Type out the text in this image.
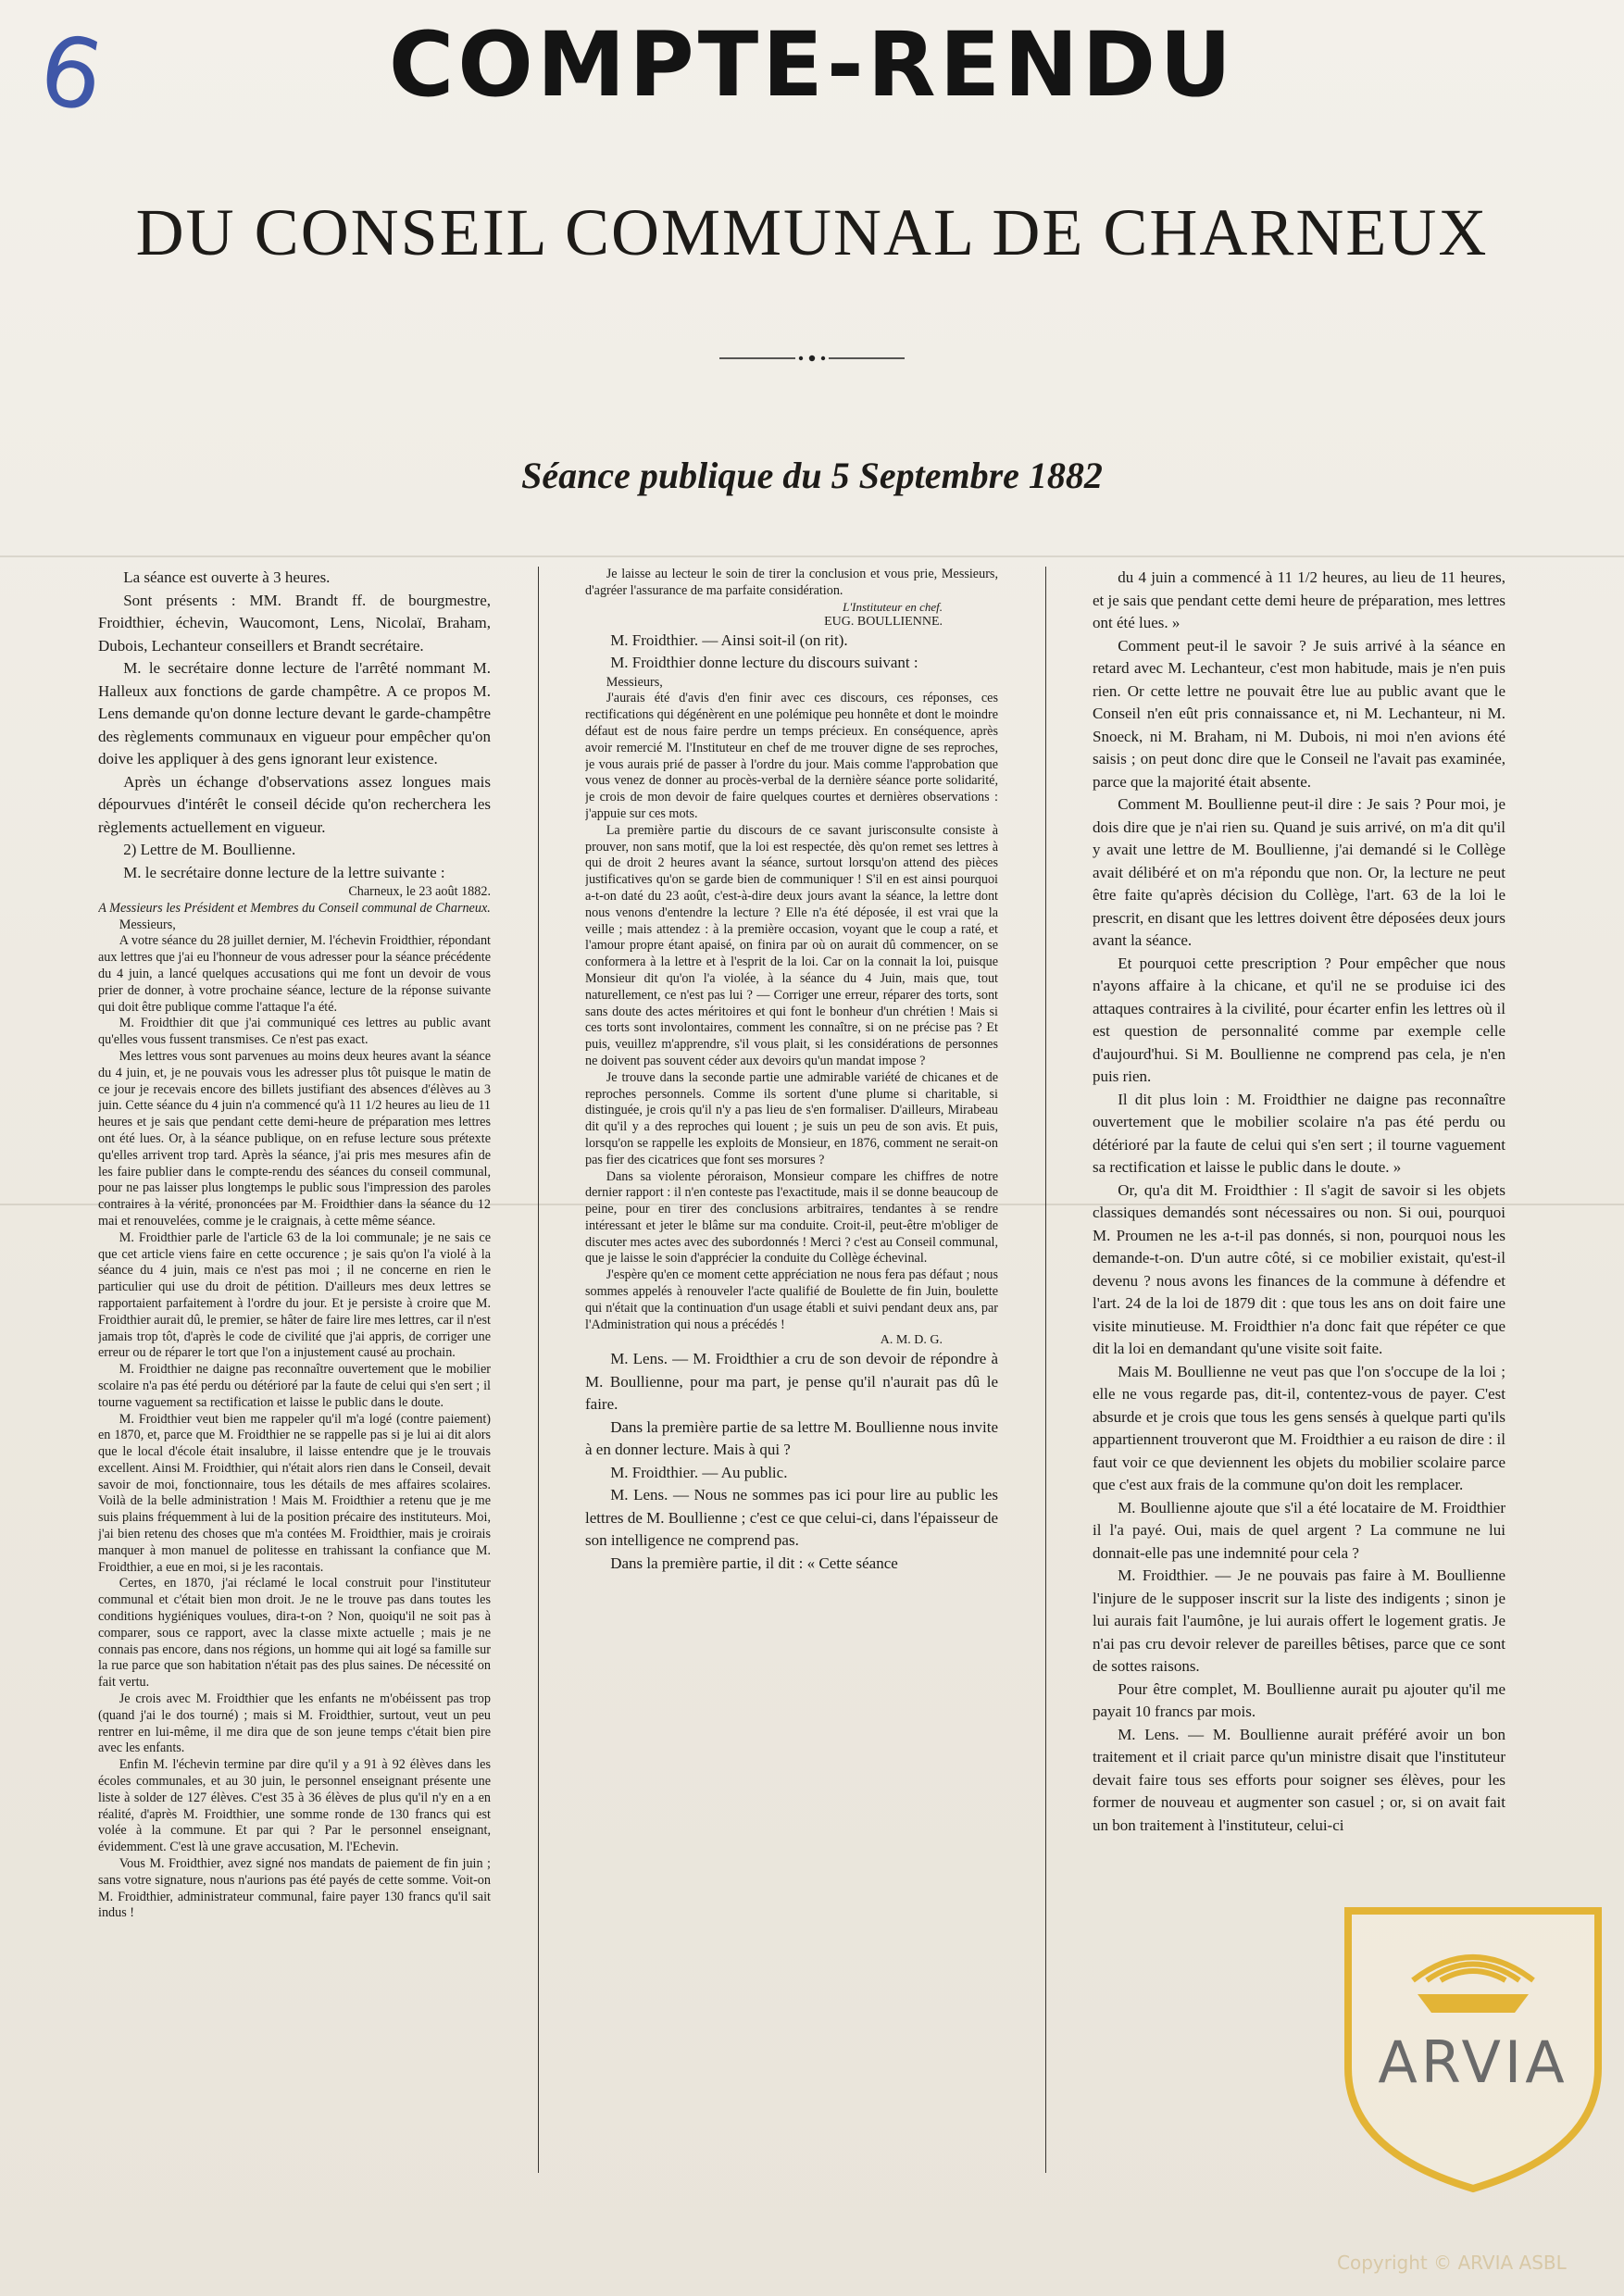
6	COMPTE-RENDU
DU CONSEIL COMMUNAL DE CHARNEUX
Séance publique du 5 Septembre 1882

La séance est ouverte à 3 heures.

Sont présents : MM. Brandt ff. de bourgmestre, Froidthier, échevin, Waucomont, Lens, Nicolaï, Braham, Dubois, Lechanteur conseillers et Brandt secrétaire.

M. le secrétaire donne lecture de l'arrêté nommant M. Halleux aux fonctions de garde champêtre. A ce propos M. Lens demande qu'on donne lecture devant le garde-champêtre des règlements communaux en vigueur pour empêcher qu'on doive les appliquer à des gens ignorant leur existence.

Après un échange d'observations assez longues mais dépourvues d'intérêt le conseil décide qu'on recherchera les règlements actuellement en vigueur.

2) Lettre de M. Boullienne.

M. le secrétaire donne lecture de la lettre suivante :

Charneux, le 23 août 1882.

A Messieurs les Président et Membres du Conseil communal de Charneux.

Messieurs,

A votre séance du 28 juillet dernier, M. l'échevin Froidthier, répondant aux lettres que j'ai eu l'honneur de vous adresser pour la séance précédente du 4 juin, a lancé quelques accusations qui me font un devoir de vous prier de donner, à votre prochaine séance, lecture de la réponse suivante qui doit être publique comme l'attaque l'a été.

M. Froidthier dit que j'ai communiqué ces lettres au public avant qu'elles vous fussent transmises. Ce n'est pas exact.

Mes lettres vous sont parvenues au moins deux heures avant la séance du 4 juin, et, je ne pouvais vous les adresser plus tôt puisque le matin de ce jour je recevais encore des billets justifiant des absences d'élèves au 3 juin. Cette séance du 4 juin n'a commencé qu'à 11 1/2 heures au lieu de 11 heures et je sais que pendant cette demi-heure de préparation mes lettres ont été lues. Or, à la séance publique, on en refuse lecture sous prétexte qu'elles arrivent trop tard. Après la séance, j'ai pris mes mesures afin de les faire publier dans le compte-rendu des séances du conseil communal, pour ne pas laisser plus longtemps le public sous l'impression des paroles contraires à la vérité, prononcées par M. Froidthier dans la séance du 12 mai et renouvelées, comme je le craignais, à cette même séance.

M. Froidthier parle de l'article 63 de la loi communale; je ne sais ce que cet article viens faire en cette occurence ; je sais qu'on l'a violé à la séance du 4 juin, mais ce n'est pas moi ; il ne concerne en rien le particulier qui use du droit de pétition. D'ailleurs mes deux lettres se rapportaient parfaitement à l'ordre du jour. Et je persiste à croire que M. Froidthier aurait dû, le premier, se hâter de faire lire mes lettres, car il n'est jamais trop tôt, d'après le code de civilité que j'ai appris, de corriger une erreur ou de réparer le tort que l'on a injustement causé au prochain.

M. Froidthier ne daigne pas reconnaître ouvertement que le mobilier scolaire n'a pas été perdu ou détérioré par la faute de celui qui s'en sert ; il tourne vaguement sa rectification et laisse le public dans le doute.

M. Froidthier veut bien me rappeler qu'il m'a logé (contre paiement) en 1870, et, parce que M. Froidthier ne se rappelle pas si je lui ai dit alors que le local d'école était insalubre, il laisse entendre que je le trouvais excellent. Ainsi M. Froidthier, qui n'était alors rien dans le Conseil, devait savoir de moi, fonctionnaire, tous les détails de mes affaires scolaires. Voilà de la belle administration ! Mais M. Froidthier a retenu que je me suis plains fréquemment à lui de la position précaire des instituteurs. Moi, j'ai bien retenu des choses que m'a contées M. Froidthier, mais je croirais manquer à mon manuel de politesse en trahissant la confiance que M. Froidthier, a eue en moi, si je les racontais.

Certes, en 1870, j'ai réclamé le local construit pour l'instituteur communal et c'était bien mon droit. Je ne le trouve pas dans toutes les conditions hygiéniques voulues, dira-t-on ? Non, quoiqu'il ne soit pas à comparer, sous ce rapport, avec la classe mixte actuelle ; mais je ne connais pas encore, dans nos régions, un homme qui ait logé sa famille sur la rue parce que son habitation n'était pas des plus saines. De nécessité on fait vertu.

Je crois avec M. Froidthier que les enfants ne m'obéissent pas trop (quand j'ai le dos tourné) ; mais si M. Froidthier, surtout, veut un peu rentrer en lui-même, il me dira que de son jeune temps c'était bien pire avec les enfants.

Enfin M. l'échevin termine par dire qu'il y a 91 à 92 élèves dans les écoles communales, et au 30 juin, le personnel enseignant présente une liste à solder de 127 élèves. C'est 35 à 36 élèves de plus qu'il n'y en a en réalité, d'après M. Froidthier, une somme ronde de 130 francs qui est volée à la commune. Et par qui ? Par le personnel enseignant, évidemment. C'est là une grave accusation, M. l'Echevin.

Vous M. Froidthier, avez signé nos mandats de paiement de fin juin ; sans votre signature, nous n'aurions pas été payés de cette somme. Voit-on M. Froidthier, administrateur communal, faire payer 130 francs qu'il sait indus !

Je laisse au lecteur le soin de tirer la conclusion et vous prie, Messieurs, d'agréer l'assurance de ma parfaite considération.

L'Instituteur en chef.

EUG. BOULLIENNE.

M. Froidthier. — Ainsi soit-il (on rit).

M. Froidthier donne lecture du discours suivant :

Messieurs,

J'aurais été d'avis d'en finir avec ces discours, ces réponses, ces rectifications qui dégénèrent en une polémique peu honnête et dont le moindre défaut est de nous faire perdre un temps précieux. En conséquence, après avoir remercié M. l'Instituteur en chef de me trouver digne de ses reproches, je vous aurais prié de passer à l'ordre du jour. Mais comme l'approbation que vous venez de donner au procès-verbal de la dernière séance porte solidarité, je crois de mon devoir de faire quelques courtes et dernières observations : j'appuie sur ces mots.

La première partie du discours de ce savant jurisconsulte consiste à prouver, non sans motif, que la loi est respectée, dès qu'on remet ses lettres à qui de droit 2 heures avant la séance, surtout lorsqu'on attend des pièces justificatives qu'on se garde bien de communiquer ! S'il en est ainsi pourquoi a-t-on daté du 23 août, c'est-à-dire deux jours avant la séance, la lettre dont nous venons d'entendre la lecture ? Elle n'a été déposée, il est vrai que la veille ; mais attendez : à la première occasion, voyant que le coup a raté, et l'amour propre étant apaisé, on finira par où on aurait dû commencer, on se conformera à la lettre et à l'esprit de la loi. Car on la connait la loi, puisque Monsieur dit qu'on l'a violée, à la séance du 4 Juin, mais que, tout naturellement, ce n'est pas lui ? — Corriger une erreur, réparer des torts, sont sans doute des actes méritoires et qui font le bonheur d'un chrétien ! Mais si ces torts sont involontaires, comment les connaître, si on ne précise pas ? Et puis, veuillez m'apprendre, s'il vous plait, si les considérations de personnes ne doivent pas souvent céder aux devoirs qu'un mandat impose ?

Je trouve dans la seconde partie une admirable variété de chicanes et de reproches personnels. Comme ils sortent d'une plume si charitable, si distinguée, je crois qu'il n'y a pas lieu de s'en formaliser. D'ailleurs, Mirabeau dit qu'il y a des reproches qui louent ; je suis un peu de son avis. Et puis, lorsqu'on se rappelle les exploits de Monsieur, en 1876, comment ne serait-on pas fier des cicatrices que font ses morsures ?

Dans sa violente péroraison, Monsieur compare les chiffres de notre dernier rapport : il n'en conteste pas l'exactitude, mais il se donne beaucoup de peine, pour en tirer des conclusions arbitraires, tendantes à se rendre intéressant et jeter le blâme sur ma conduite. Croit-il, peut-être m'obliger de discuter mes actes avec des subordonnés ! Merci ? c'est au Conseil communal, que je laisse le soin d'apprécier la conduite du Collège échevinal.

J'espère qu'en ce moment cette appréciation ne nous fera pas défaut ; nous sommes appelés à renouveler l'acte qualifié de Boulette de fin Juin, boulette qui n'était que la continuation d'un usage établi et suivi pendant deux ans, par l'Administration qui nous a précédés !

A. M. D. G.

M. Lens. — M. Froidthier a cru de son devoir de répondre à M. Boullienne, pour ma part, je pense qu'il n'aurait pas dû le faire.

Dans la première partie de sa lettre M. Boullienne nous invite à en donner lecture. Mais à qui ?

M. Froidthier. — Au public.

M. Lens. — Nous ne sommes pas ici pour lire au public les lettres de M. Boullienne ; c'est ce que celui-ci, dans l'épaisseur de son intelligence ne comprend pas.

Dans la première partie, il dit : « Cette séance

du 4 juin a commencé à 11 1/2 heures, au lieu de 11 heures, et je sais que pendant cette demi heure de préparation, mes lettres ont été lues. »

Comment peut-il le savoir ? Je suis arrivé à la séance en retard avec M. Lechanteur, c'est mon habitude, mais je n'en puis rien. Or cette lettre ne pouvait être lue au public avant que le Conseil n'en eût pris connaissance et, ni M. Lechanteur, ni M. Snoeck, ni M. Braham, ni M. Dubois, ni moi n'en avions été saisis ; on peut donc dire que le Conseil ne l'avait pas examinée, parce que la majorité était absente.

Comment M. Boullienne peut-il dire : Je sais ? Pour moi, je dois dire que je n'ai rien su. Quand je suis arrivé, on m'a dit qu'il y avait une lettre de M. Boullienne, j'ai demandé si le Collège avait délibéré et on m'a répondu que non. Or, la lecture ne peut être faite qu'après décision du Collège, l'art. 63 de la loi le prescrit, en disant que les lettres doivent être déposées deux jours avant la séance.

Et pourquoi cette prescription ? Pour empêcher que nous n'ayons affaire à la chicane, et qu'il ne se produise ici des attaques contraires à la civilité, pour écarter enfin les lettres où il est question de personnalité comme par exemple celle d'aujourd'hui. Si M. Boullienne ne comprend pas cela, je n'en puis rien.

Il dit plus loin : M. Froidthier ne daigne pas reconnaître ouvertement que le mobilier scolaire n'a pas été perdu ou détérioré par la faute de celui qui s'en sert ; il tourne vaguement sa rectification et laisse le public dans le doute. »

Or, qu'a dit M. Froidthier : Il s'agit de savoir si les objets classiques demandés sont nécessaires ou non. Si oui, pourquoi M. Proumen ne les a-t-il pas donnés, si non, pourquoi nous les demande-t-on. D'un autre côté, si ce mobilier existait, qu'est-il devenu ? nous avons les finances de la commune à défendre et l'art. 24 de la loi de 1879 dit : que tous les ans on doit faire une visite minutieuse. M. Froidthier n'a donc fait que répéter ce que dit la loi en demandant qu'une visite soit faite.

Mais M. Boullienne ne veut pas que l'on s'occupe de la loi ; elle ne vous regarde pas, dit-il, contentez-vous de payer. C'est absurde et je crois que tous les gens sensés à quelque parti qu'ils appartiennent trouveront que M. Froidthier a eu raison de dire : il faut voir ce que deviennent les objets du mobilier scolaire parce que c'est aux frais de la commune qu'on doit les remplacer.

M. Boullienne ajoute que s'il a été locataire de M. Froidthier il l'a payé. Oui, mais de quel argent ? La commune ne lui donnait-elle pas une indemnité pour cela ?

M. Froidthier. — Je ne pouvais pas faire à M. Boullienne l'injure de le supposer inscrit sur la liste des indigents ; sinon je lui aurais fait l'aumône, je lui aurais offert le logement gratis. Je n'ai pas cru devoir relever de pareilles bêtises, parce que ce sont de sottes raisons.

Pour être complet, M. Boullienne aurait pu ajouter qu'il me payait 10 francs par mois.

M. Lens. — M. Boullienne aurait préféré avoir un bon traitement et il criait parce qu'un ministre disait que l'instituteur devait faire tous ses efforts pour soigner ses élèves, pour les former de nouveau et augmenter son casuel ; or, si on avait fait un bon traitement à l'instituteur, celui-ci

ARVIA
Copyright © ARVIA ASBL
